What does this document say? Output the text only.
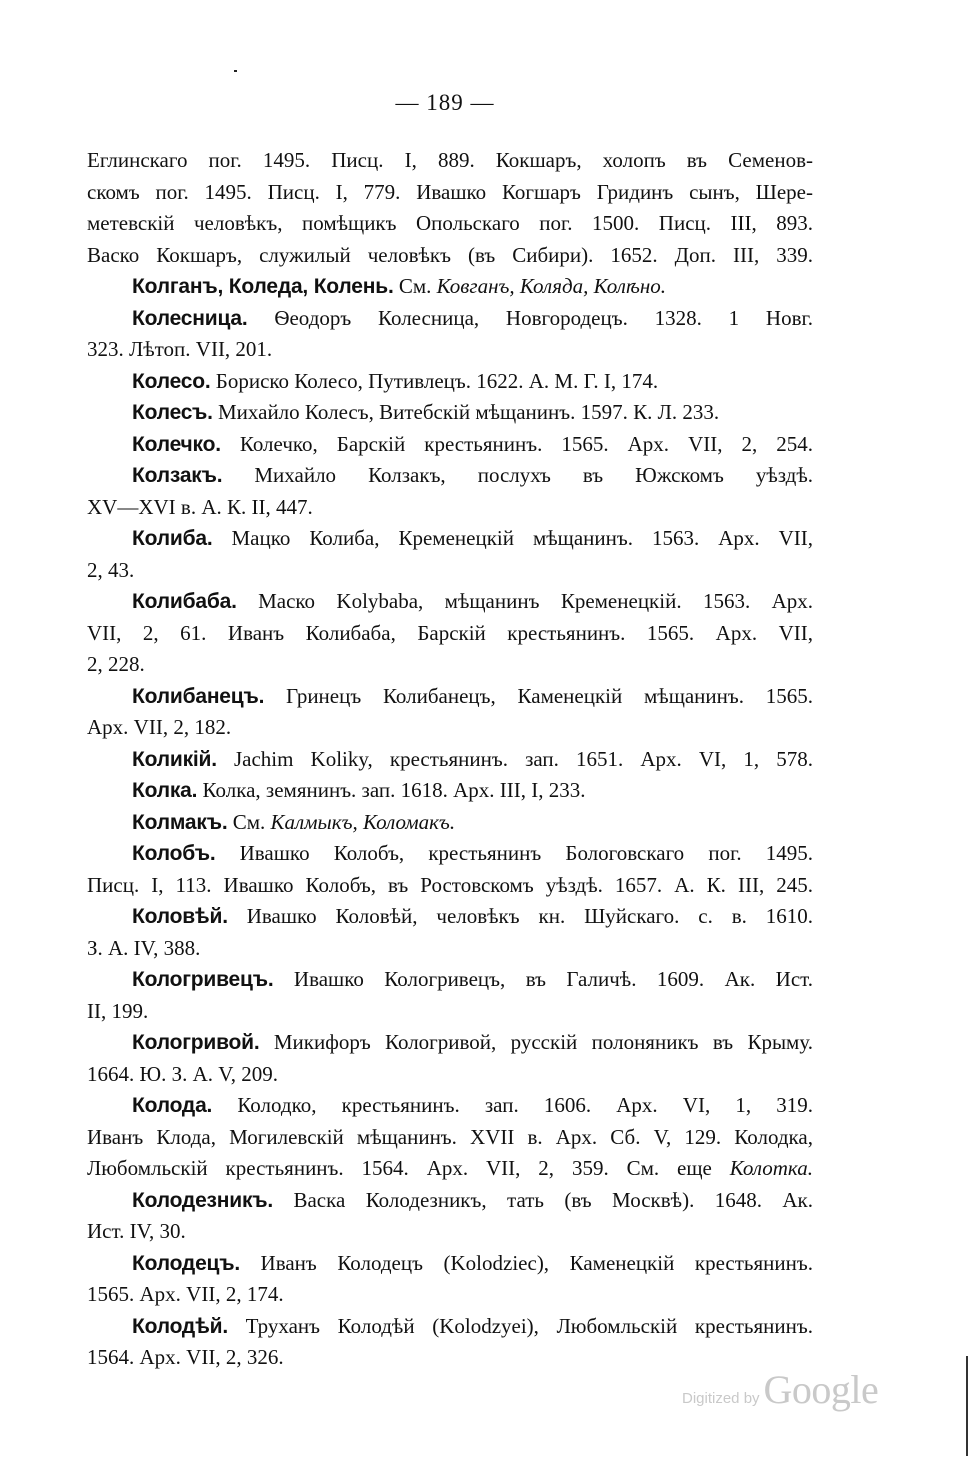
— 189 —
Еглинскаго пог. 1495. Писц. I, 889. Кокшаръ, холопъ въ Семенов-
скомъ пог. 1495. Писц. I, 779. Ивашко Когшаръ Гридинъ сынъ, Шере-
метевскій человѣкъ, помѣщикъ Опольскаго пог. 1500. Писц. III, 893.
Васко Кокшаръ, служилый человѣкъ (въ Сибири). 1652. Доп. III, 339.
Колганъ, Коледа, Колень. См. Ковганъ, Коляда, Колѣно.
Колесница. Ѳеодоръ Колесница, Новгородецъ. 1328. 1 Новг.
323. Лѣтоп. VII, 201.
Колесо. Бориско Колесо, Путивлецъ. 1622. А. М. Г. I, 174.
Колесъ. Михайло Колесъ, Витебскій мѣщанинъ. 1597. К. Л. 233.
Колечко. Колечко, Барскій крестьянинъ. 1565. Арх. VII, 2, 254.
Колзакъ. Михайло Колзакъ, послухъ въ Южскомъ уѣздѣ.
XV—XVI в. А. К. II, 447.
Колиба. Мацко Колиба, Кременецкій мѣщанинъ. 1563. Арх. VII,
2, 43.
Колибаба. Маско Kolybaba, мѣщанинъ Кременецкій. 1563. Арх.
VII, 2, 61. Иванъ Колибаба, Барскій крестьянинъ. 1565. Арх. VII,
2, 228.
Колибанецъ. Гринецъ Колибанецъ, Каменецкій мѣщанинъ. 1565.
Арх. VII, 2, 182.
Коликій. Jachim Koliky, крестьянинъ. зап. 1651. Арх. VI, 1, 578.
Колка. Колка, земянинъ. зап. 1618. Арх. III, I, 233.
Колмакъ. См. Калмыкъ, Коломакъ.
Колобъ. Ивашко Колобъ, крестьянинъ Бологовскаго пог. 1495.
Писц. I, 113. Ивашко Колобъ, въ Ростовскомъ уѣздѣ. 1657. А. К. III, 245.
Коловѣй. Ивашко Коловѣй, человѣкъ кн. Шуйскаго. с. в. 1610.
З. А. IV, 388.
Кологривецъ. Ивашко Кологривецъ, въ Галичѣ. 1609. Ак. Ист.
II, 199.
Кологривой. Микифоръ Кологривой, русскій полоняникъ въ Крыму.
1664. Ю. З. А. V, 209.
Колода. Колодко, крестьянинъ. зап. 1606. Арх. VI, 1, 319.
Иванъ Клода, Могилевскій мѣщанинъ. XVII в. Арх. Сб. V, 129. Колодка,
Любомльскій крестьянинъ. 1564. Арх. VII, 2, 359. См. еще Колотка.
Колодезникъ. Васка Колодезникъ, тать (въ Москвѣ). 1648. Ак.
Ист. IV, 30.
Колодецъ. Иванъ Колодецъ (Kolodziec), Каменецкій крестьянинъ.
1565. Арх. VII, 2, 174.
Колодѣй. Труханъ Колодѣй (Kolodzyei), Любомльскій крестьянинъ.
1564. Арх. VII, 2, 326.
Digitized by Google
